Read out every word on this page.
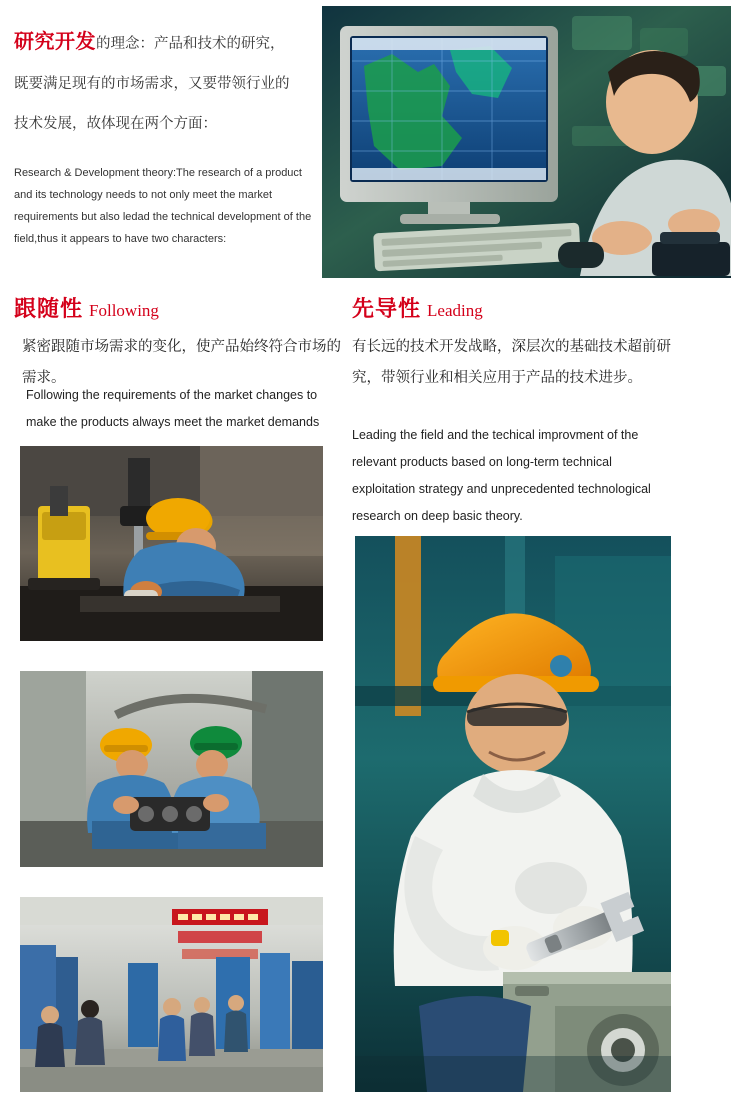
研究开发的理念：产品和技术的研究，
既要满足现有的市场需求，又要带领行业的
技术发展，故体现在两个方面：
Research & Development theory:The research of a product and its technology needs to not only meet the market requirements but also ledad the technical development of the field,thus it appears to have two characters:
跟随性 Following
紧密跟随市场需求的变化，使产品始终符合市场的需求。
Following the requirements of the market changes to make the products always meet the market demands
先导性 Leading
有长远的技术开发战略，深层次的基础技术超前研究，带领行业和相关应用于产品的技术进步。
Leading the field and the techical improvment of the relevant products based on long-term technical exploitation strategy and unprecedented technological research on deep basic theory.
